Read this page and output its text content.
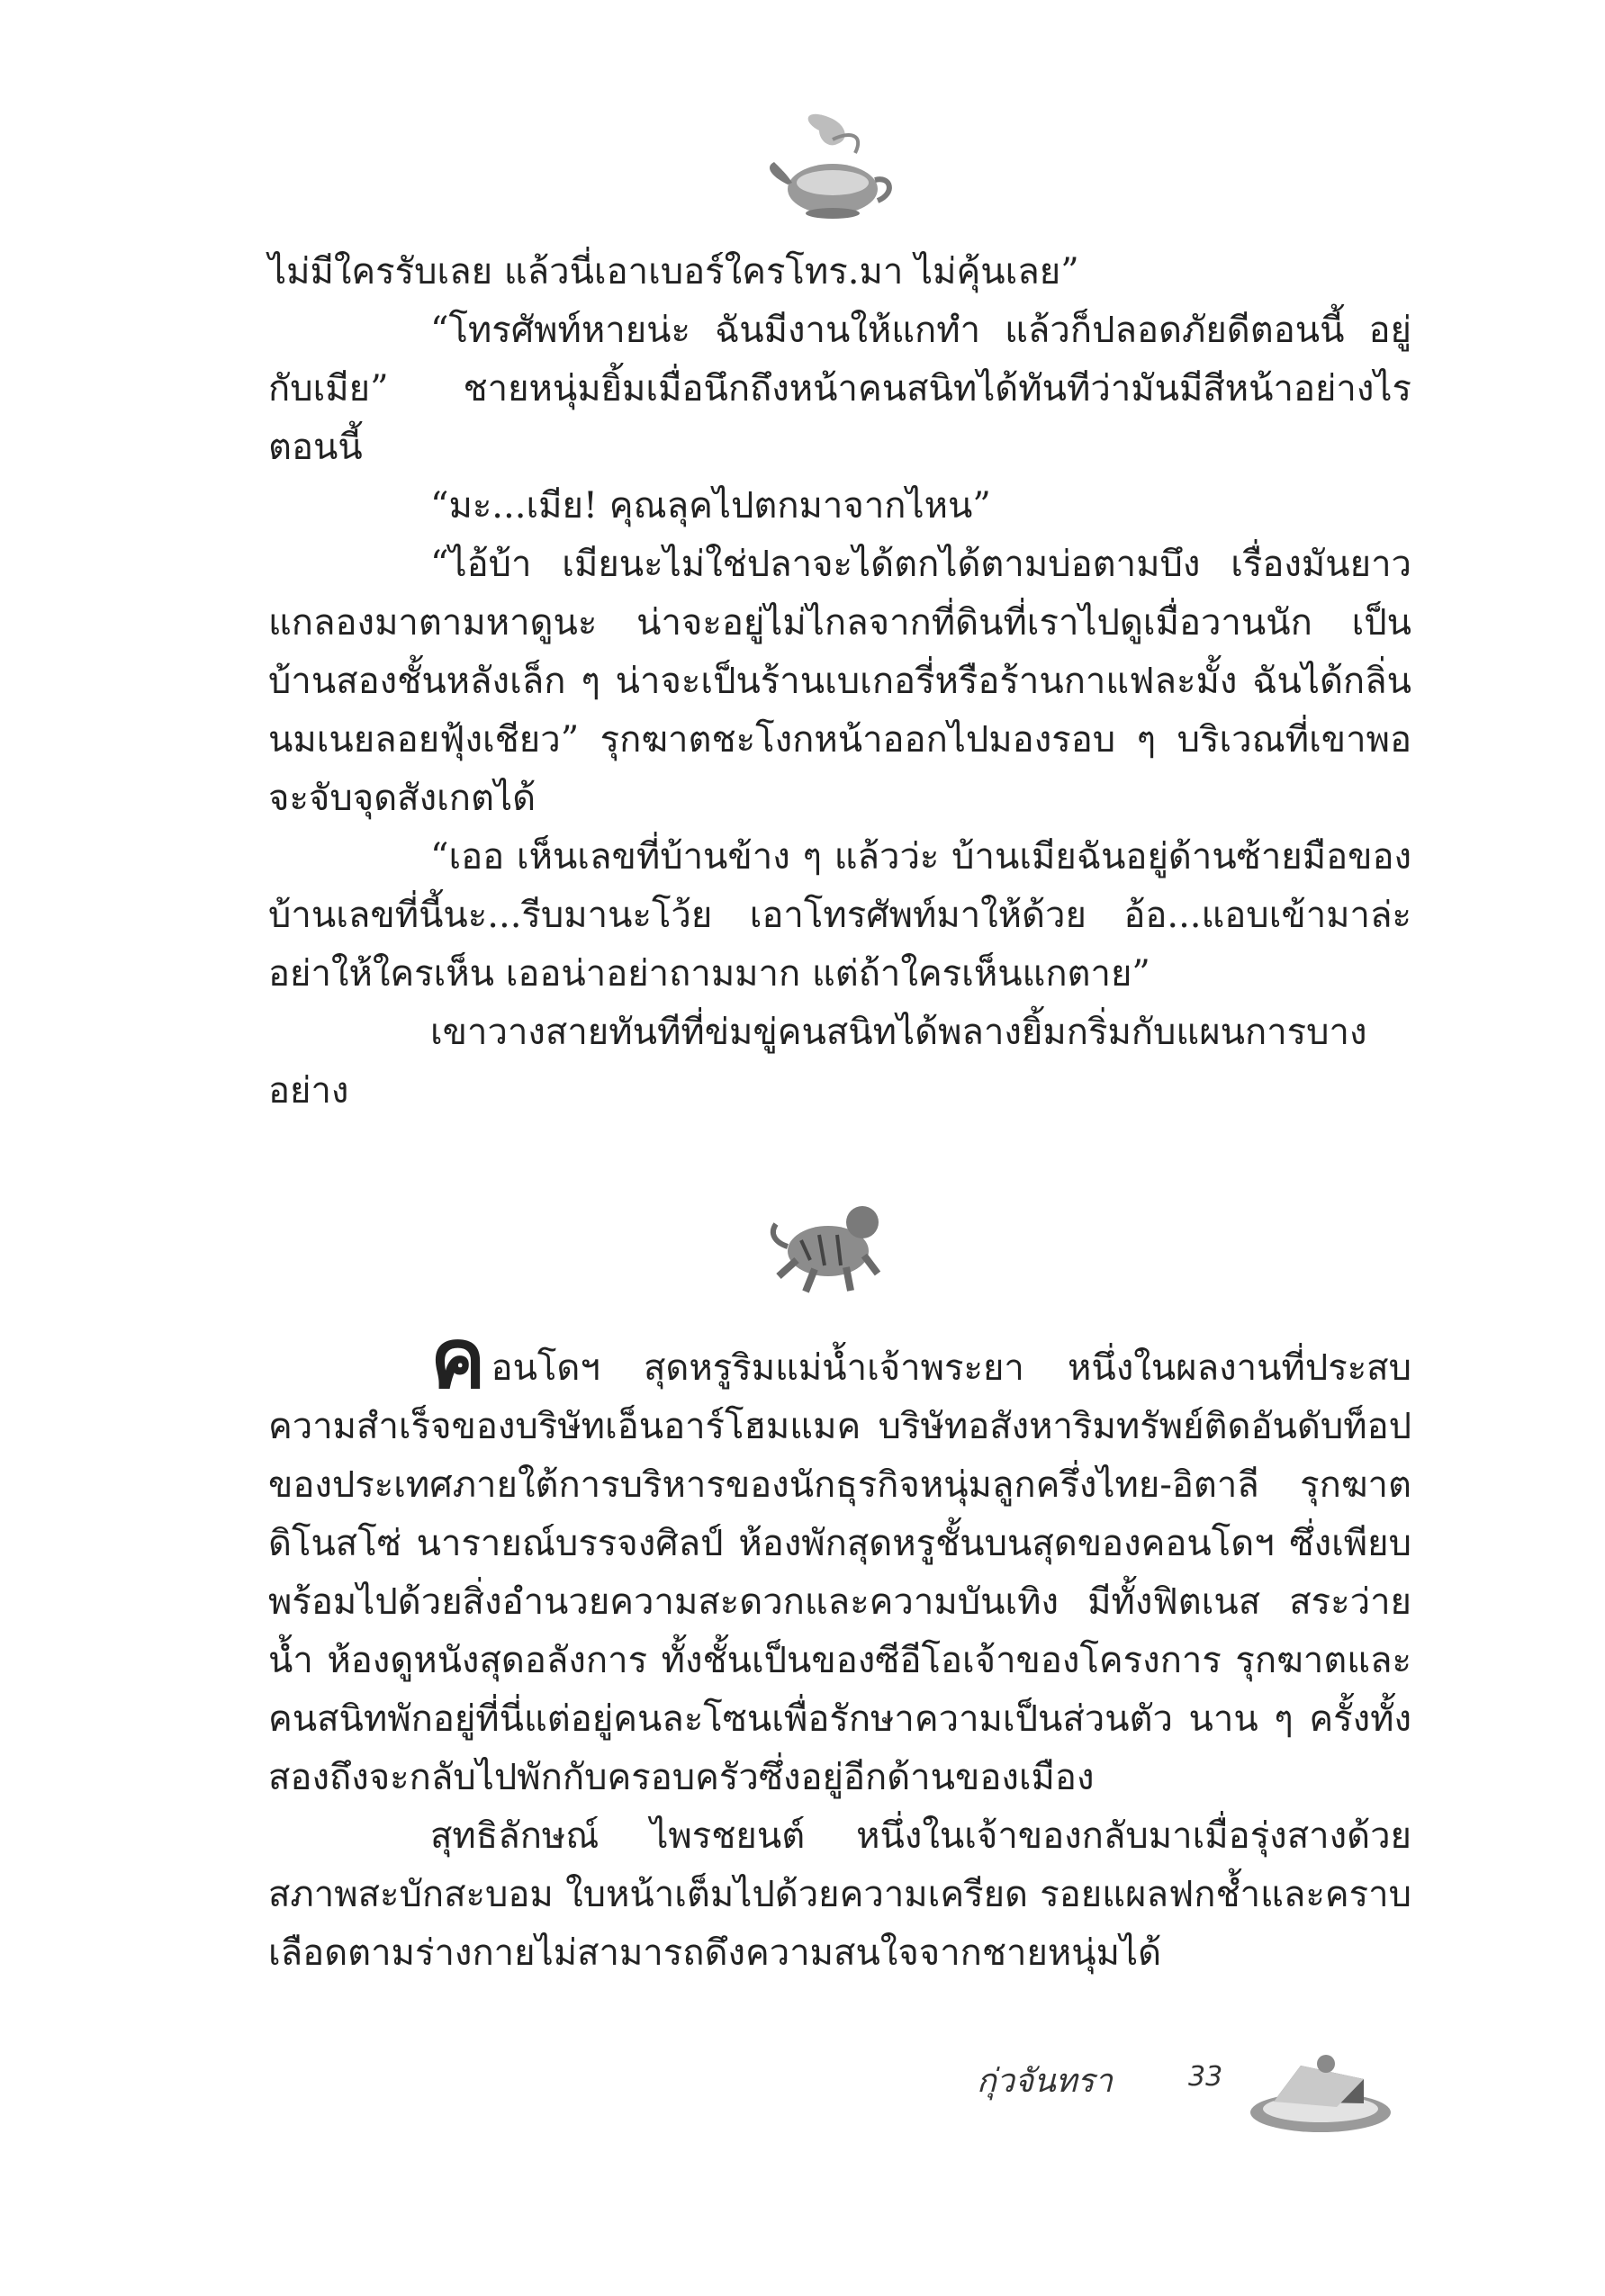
ไม่มีใครรับเลย แล้วนี่เอาเบอร์ใครโทร.มา ไม่คุ้นเลย”

“โทรศัพท์หายน่ะ ฉันมีงานให้แกทำ แล้วก็ปลอดภัยดีตอนนี้ อยู่กับเมีย” ชายหนุ่มยิ้มเมื่อนึกถึงหน้าคนสนิทได้ทันทีว่ามันมีสีหน้าอย่างไรตอนนี้

“มะ...เมีย! คุณลุคไปตกมาจากไหน”

“ไอ้บ้า เมียนะไม่ใช่ปลาจะได้ตกได้ตามบ่อตามบึง เรื่องมันยาว แกลองมาตามหาดูนะ น่าจะอยู่ไม่ไกลจากที่ดินที่เราไปดูเมื่อวานนัก เป็นบ้านสองชั้นหลังเล็ก ๆ น่าจะเป็นร้านเบเกอรี่หรือร้านกาแฟละมั้ง ฉันได้กลิ่นนมเนยลอยฟุ้งเชียว” รุกฆาตชะโงกหน้าออกไปมองรอบ ๆ บริเวณที่เขาพอจะจับจุดสังเกตได้

“เออ เห็นเลขที่บ้านข้าง ๆ แล้วว่ะ บ้านเมียฉันอยู่ด้านซ้ายมือของบ้านเลขที่นี้นะ...รีบมานะโว้ย เอาโทรศัพท์มาให้ด้วย อ้อ...แอบเข้ามาล่ะ อย่าให้ใครเห็น เออน่าอย่าถามมาก แต่ถ้าใครเห็นแกตาย”

เขาวางสายทันทีที่ข่มขู่คนสนิทได้พลางยิ้มกริ่มกับแผนการบางอย่าง

คอนโดฯ สุดหรูริมแม่น้ำเจ้าพระยา หนึ่งในผลงานที่ประสบความสำเร็จของบริษัทเอ็นอาร์โฮมแมค บริษัทอสังหาริมทรัพย์ติดอันดับท็อปของประเทศภายใต้การบริหารของนักธุรกิจหนุ่มลูกครึ่งไทย-อิตาลี รุกฆาต ดิโนสโซ่ นารายณ์บรรจงศิลป์ ห้องพักสุดหรูชั้นบนสุดของคอนโดฯ ซึ่งเพียบพร้อมไปด้วยสิ่งอำนวยความสะดวกและความบันเทิง มีทั้งฟิตเนส สระว่ายน้ำ ห้องดูหนังสุดอลังการ ทั้งชั้นเป็นของซีอีโอเจ้าของโครงการ รุกฆาตและคนสนิทพักอยู่ที่นี่แต่อยู่คนละโซนเพื่อรักษาความเป็นส่วนตัว นาน ๆ ครั้งทั้งสองถึงจะกลับไปพักกับครอบครัวซึ่งอยู่อีกด้านของเมือง

สุทธิลักษณ์ ไพรชยนต์ หนึ่งในเจ้าของกลับมาเมื่อรุ่งสางด้วยสภาพสะบักสะบอม ใบหน้าเต็มไปด้วยความเครียด รอยแผลฟกช้ำและคราบเลือดตามร่างกายไม่สามารถดึงความสนใจจากชายหนุ่มได้

กุ่วจันทรา	33
